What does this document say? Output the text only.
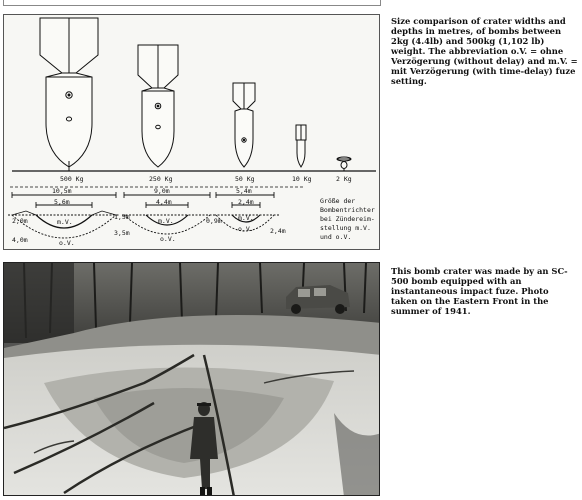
500 Kg	250 Kg	50 Kg	10 Kg	2 Kg
10,5m
5,6m
2,0m
4,0m
m.V.
o.V.
9,0m
4,4m
1,5m
3,5m
m.V.
o.V.
5,4m
2,4m
0,9m
2,4m
m.V.
o.V.
Größe der
Bombentrichter
bei Zündereim-
stellung m.V.
und o.V.
Size comparison of crater widths and depths in metres, of bombs between 2kg (4.4lb) and 500kg (1,102 lb) weight. The abbreviation o.V. = ohne Verzögerung (without delay) and m.V. = mit Verzögerung (with time-delay) fuze setting.
This bomb crater was made by an SC-500 bomb equipped with an instantaneous impact fuze. Photo taken on the Eastern Front in the summer of 1941.
